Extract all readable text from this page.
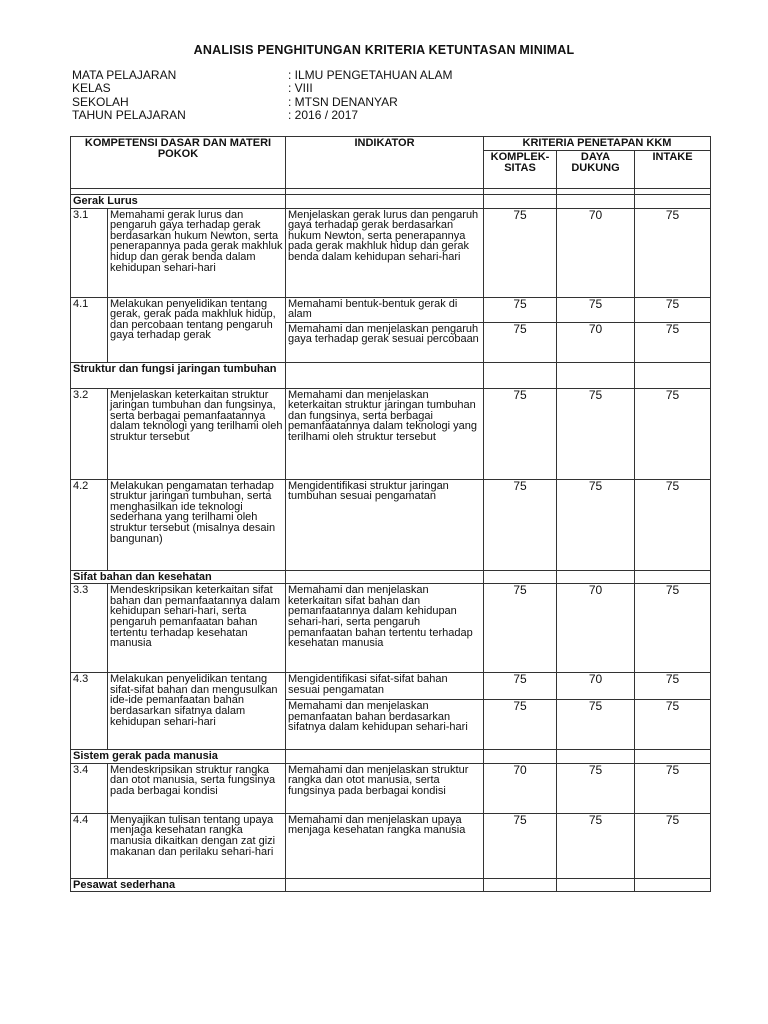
ANALISIS PENGHITUNGAN KRITERIA KETUNTASAN MINIMAL
MATA PELAJARAN	: ILMU PENGETAHUAN ALAM
KELAS	: VIII
SEKOLAH	: MTSN DENANYAR
TAHUN PELAJARAN	: 2016 / 2017
KOMPETENSI DASAR DAN MATERI POKOK		INDIKATOR	KRITERIA PENETAPAN KKM		
			KOMPLEK-SITAS	DAYA DUKUNG	INTAKE

Gerak Lurus					
3.1	Memahami gerak lurus dan pengaruh gaya terhadap gerak berdasarkan hukum Newton, serta penerapannya pada gerak makhluk hidup dan gerak benda dalam kehidupan sehari-hari	Menjelaskan gerak lurus dan pengaruh gaya terhadap gerak berdasarkan hukum Newton, serta penerapannya pada gerak makhluk hidup dan gerak benda dalam kehidupan sehari-hari	75	70	75
4.1	Melakukan penyelidikan tentang gerak, gerak pada makhluk hidup, dan percobaan tentang pengaruh gaya terhadap gerak	Memahami bentuk-bentuk gerak di alam	75	75	75
		Memahami dan menjelaskan pengaruh gaya terhadap gerak sesuai percobaan	75	70	75
Struktur dan fungsi jaringan tumbuhan					
3.2	Menjelaskan keterkaitan struktur jaringan tumbuhan dan fungsinya, serta berbagai pemanfaatannya dalam teknologi yang terilhami oleh struktur tersebut	Memahami dan menjelaskan keterkaitan struktur jaringan tumbuhan dan fungsinya, serta berbagai pemanfaatannya dalam teknologi yang terilhami oleh struktur tersebut	75	75	75
4.2	Melakukan pengamatan terhadap struktur jaringan tumbuhan, serta menghasilkan ide teknologi sederhana yang terilhami oleh struktur tersebut (misalnya desain bangunan)	Mengidentifikasi struktur jaringan tumbuhan sesuai pengamatan	75	75	75
Sifat bahan dan kesehatan					
3.3	Mendeskripsikan keterkaitan sifat bahan dan pemanfaatannya dalam kehidupan sehari-hari, serta pengaruh pemanfaatan bahan tertentu terhadap kesehatan manusia	Memahami dan menjelaskan keterkaitan sifat bahan dan pemanfaatannya dalam kehidupan sehari-hari, serta pengaruh pemanfaatan bahan tertentu terhadap kesehatan manusia	75	70	75
4.3	Melakukan penyelidikan tentang sifat-sifat bahan dan mengusulkan ide-ide pemanfaatan bahan berdasarkan sifatnya dalam kehidupan sehari-hari	Mengidentifikasi sifat-sifat bahan sesuai pengamatan	75	70	75
		Memahami dan menjelaskan pemanfaatan bahan berdasarkan sifatnya dalam kehidupan sehari-hari	75	75	75
Sistem gerak pada manusia					
3.4	Mendeskripsikan struktur rangka dan otot manusia, serta fungsinya pada berbagai kondisi	Memahami dan menjelaskan struktur rangka dan otot manusia, serta fungsinya pada berbagai kondisi	70	75	75
4.4	Menyajikan tulisan tentang upaya menjaga kesehatan rangka manusia dikaitkan dengan zat gizi makanan dan perilaku sehari-hari	Memahami dan menjelaskan upaya menjaga kesehatan rangka manusia	75	75	75
Pesawat sederhana					
